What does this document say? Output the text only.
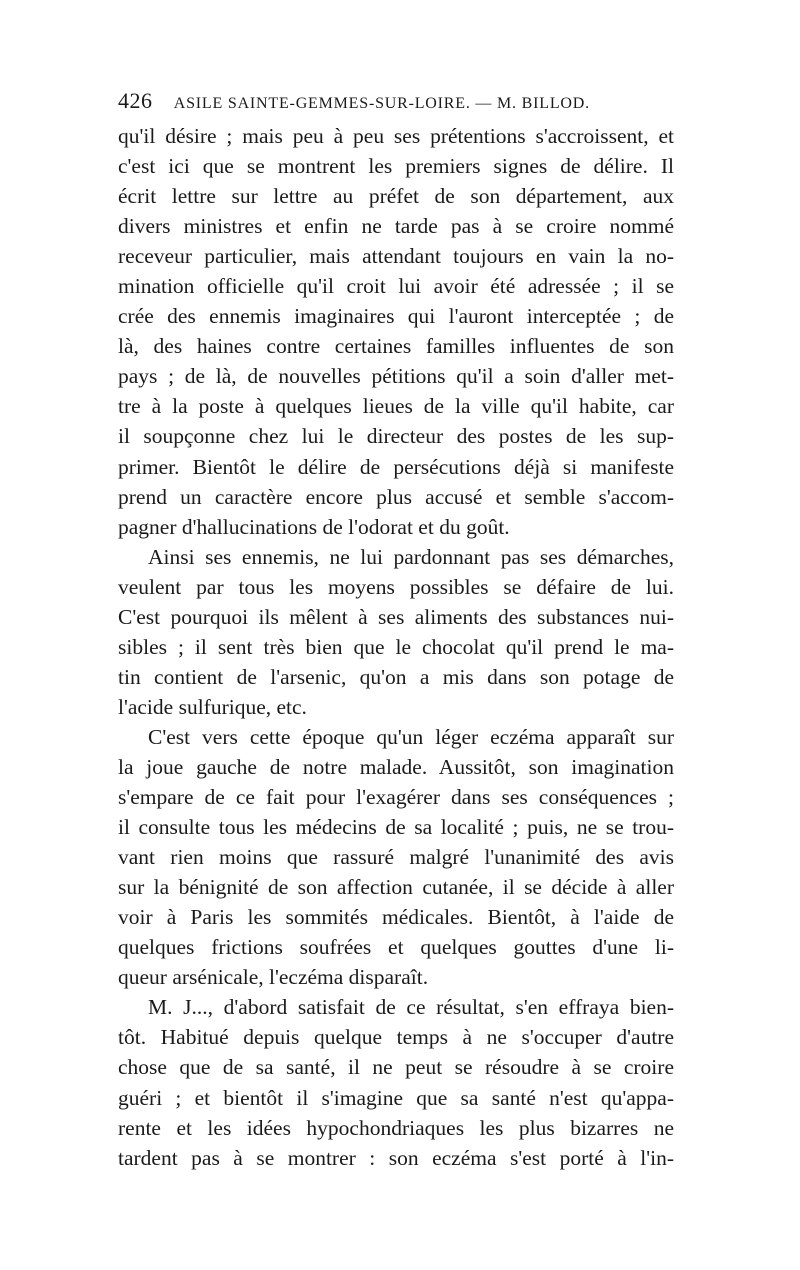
426 ASILE SAINTE-GEMMES-SUR-LOIRE. — M. BILLOD.
qu'il désire ; mais peu à peu ses prétentions s'accroissent, et
c'est ici que se montrent les premiers signes de délire. Il
écrit lettre sur lettre au préfet de son département, aux
divers ministres et enfin ne tarde pas à se croire nommé
receveur particulier, mais attendant toujours en vain la no-
mination officielle qu'il croit lui avoir été adressée ; il se
crée des ennemis imaginaires qui l'auront interceptée ; de
là, des haines contre certaines familles influentes de son
pays ; de là, de nouvelles pétitions qu'il a soin d'aller met-
tre à la poste à quelques lieues de la ville qu'il habite, car
il soupçonne chez lui le directeur des postes de les sup-
primer. Bientôt le délire de persécutions déjà si manifeste
prend un caractère encore plus accusé et semble s'accom-
pagner d'hallucinations de l'odorat et du goût.
Ainsi ses ennemis, ne lui pardonnant pas ses démarches,
veulent par tous les moyens possibles se défaire de lui.
C'est pourquoi ils mêlent à ses aliments des substances nui-
sibles ; il sent très bien que le chocolat qu'il prend le ma-
tin contient de l'arsenic, qu'on a mis dans son potage de
l'acide sulfurique, etc.
C'est vers cette époque qu'un léger eczéma apparaît sur
la joue gauche de notre malade. Aussitôt, son imagination
s'empare de ce fait pour l'exagérer dans ses conséquences ;
il consulte tous les médecins de sa localité ; puis, ne se trou-
vant rien moins que rassuré malgré l'unanimité des avis
sur la bénignité de son affection cutanée, il se décide à aller
voir à Paris les sommités médicales. Bientôt, à l'aide de
quelques frictions soufrées et quelques gouttes d'une li-
queur arsénicale, l'eczéma disparaît.
M. J..., d'abord satisfait de ce résultat, s'en effraya bien-
tôt. Habitué depuis quelque temps à ne s'occuper d'autre
chose que de sa santé, il ne peut se résoudre à se croire
guéri ; et bientôt il s'imagine que sa santé n'est qu'appa-
rente et les idées hypochondriaques les plus bizarres ne
tardent pas à se montrer : son eczéma s'est porté à l'in-
